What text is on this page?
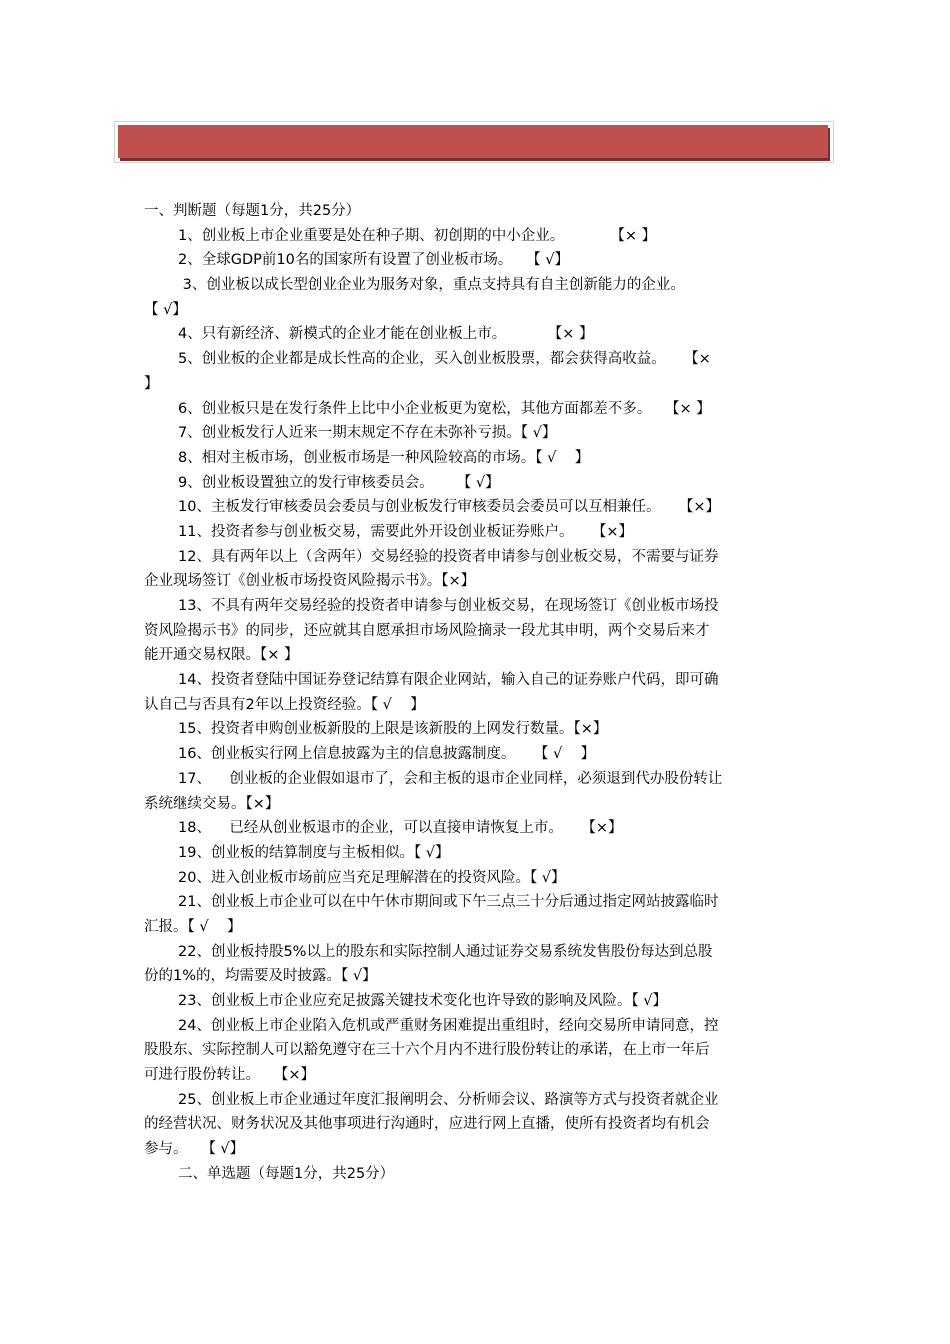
一、判断题（每题1分，共25分）
1、创业板上市企业重要是处在种子期、初创期的中小企业。          【× 】
2、全球GDP前10名的国家所有设置了创业板市场。   【 √】
3、创业板以成长型创业企业为服务对象，重点支持具有自主创新能力的企业。
【 √】
4、只有新经济、新模式的企业才能在创业板上市。         【× 】
5、创业板的企业都是成长性高的企业，买入创业板股票，都会获得高收益。    【×
】
6、创业板只是在发行条件上比中小企业板更为宽松，其他方面都差不多。   【× 】
7、创业板发行人近来一期末规定不存在未弥补亏损。【 √】
8、相对主板市场，创业板市场是一种风险较高的市场。【 √    】
9、创业板设置独立的发行审核委员会。     【 √】
10、主板发行审核委员会委员与创业板发行审核委员会委员可以互相兼任。    【×】
11、投资者参与创业板交易，需要此外开设创业板证券账户。    【×】
12、具有两年以上（含两年）交易经验的投资者申请参与创业板交易，不需要与证券
企业现场签订《创业板市场投资风险揭示书》。【×】
13、不具有两年交易经验的投资者申请参与创业板交易，在现场签订《创业板市场投
资风险揭示书》的同步，还应就其自愿承担市场风险摘录一段尤其申明，两个交易后来才
能开通交易权限。【× 】
14、投资者登陆中国证券登记结算有限企业网站，输入自己的证券账户代码，即可确
认自己与否具有2年以上投资经验。【 √    】
15、投资者申购创业板新股的上限是该新股的上网发行数量。【×】
16、创业板实行网上信息披露为主的信息披露制度。    【 √    】
17、    创业板的企业假如退市了，会和主板的退市企业同样，必须退到代办股份转让
系统继续交易。【×】
18、    已经从创业板退市的企业，可以直接申请恢复上市。    【×】
19、创业板的结算制度与主板相似。【 √】
20、进入创业板市场前应当充足理解潜在的投资风险。【 √】
21、创业板上市企业可以在中午休市期间或下午三点三十分后通过指定网站披露临时
汇报。【 √    】
22、创业板持股5%以上的股东和实际控制人通过证券交易系统发售股份每达到总股
份的1%的，均需要及时披露。【 √】
23、创业板上市企业应充足披露关键技术变化也许导致的影响及风险。【 √】
24、创业板上市企业陷入危机或严重财务困难提出重组时，经向交易所申请同意，控
股股东、实际控制人可以豁免遵守在三十六个月内不进行股份转让的承诺，在上市一年后
可进行股份转让。   【×】
25、创业板上市企业通过年度汇报阐明会、分析师会议、路演等方式与投资者就企业
的经营状况、财务状况及其他事项进行沟通时，应进行网上直播，使所有投资者均有机会
参与。   【 √】
二、单选题（每题1分，共25分）
